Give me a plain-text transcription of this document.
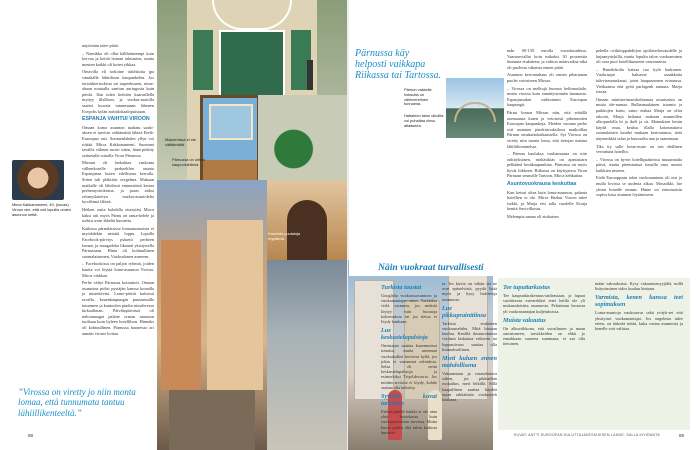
näytöntän tulee pitää.

– Narnikko oli ollut kälthtäneempi kuin korvaa ja kettiä homan talmasien, mutta meuten kaikki oli koten ytkkaa.

Omavilla eli torkotne tulohkoita jpa vännkälle lähtidtoon kaupunkelen. Jos turistikiertoskista sai tarpeeksaren, nima-ahaan muutalla sanitun auringosta kuin pävää. Ilan tulen keittiön kaarasllellä myttyy illallisen, ja vuokra-asutolla saattot kurraia tutunmaaan lähenen Ecepolis kylän mrittilokaalopuistaan.

ESPANJA VAIHTUI VIROON

Omaan koma asunnon tuahatu saatti-aksen ei tarvitse välttämättä lähteä Etelä-Euroopan asti. Suomenlahden yllyn voi riittää. Mirca Kakkanamemi, Suomani tavallis välinen ruotsi sitten, hänä pidetty saituetalla toinalla Viron Pärnussa.

Mirsaui oli laokahtaa vaakonta välhenkoselle perheeltlen asunto Espanjaeaa kuten edellisena kerralla. Sitten tuli pläkttäsi oregelma. Mukaan matkalle oli lähdössä enimmäistä kertaa perhemystrokirma, ja paras aidoa eritmyslaitetyn vuakra-asuntolelta hyvältimä lähteä.

Heiken outta kohdella etutryiäsi Mirca käksi otti myös Pärnu on ranta-kelele ja todsist avan läheltä huonetta.

Kaikissa pärnulaisissa lomaasunnoissa ei myödalekin netattä loppu. Lopulla Facebook-pärvtys psluetti perheen loman, ja maagadoka likaanti yksityisella Pärnussaan. Hinta oli kohtuullinen suomalaisnmen, Vuoksalonen asmeem.

– Facebookissa on paljon ryhmiä, joiden kautta voi löytää loma-asunnon Virosta, Mirca vinkkaa.

Perhe vältyi Pärnussa kotiuntoit. Omaan asuntoina pidisi pystäjän kanssa komalla ja mistettäväsi. Lome-päivät kuluivat ravalla, keuenkaupungin puustatuulle tutunmen ja kantoolen piudin nimahvessa kirkaallaran. Päivälapäivässä oli nuhonnaagat palaite orman asunnon tuoltaan kuin hyleen hotellilsen. Hinnaks oli kohtuullinen. Pärnussa huoneisto ari annaitt virisee hoitaa.

Mirca Kakkanamemi, 40, (kuvas) Viroon niin, että voit lopuilla omien asunnon settä.
Maisemissa ei ole välttämättä.
Pärnussa on uhtea kaupunkielämä.
Kaunista puutaloja myytämä.
Pärnun vakkelle hoksutta on vähimerelinen tunnalma.
Hattaleen talon ulkoilta voi puhaltaa ulma-aitaaseen.
”Virossa on viretty jo niin monta lomaa, että tunnumata tantuu lähiillikenteeltä.”
88
Pärnussa käy helposti vaikkapa Riikassa tai Tartossa.

mån 00-130 eurolla vuorokaudessa. Vaaraarviallat hoin mikaksi 30 prosenttia hinnasta etukäteen; ja valtion määrvaiksa-aika oli puolesta vähaista ennen pitää.

Asunnon kerrontahaus oli omien pihartanan puolet vaivaiseen Mirsaa.

– Virossa on melkojä huonoa heltimaslaile, mutta virossa kuin ennättyisimään lammasta. Espanjassakin vaihtoinnin Euroopan kaupungit.

Pärnu lomon Mirsan niin, että ettäällä asemaansa kuten ja vetoisesti pihemmiten Euroopan kaupunkeja. Meiden vuonna perhe osti asunnon pärekirtouksiloxa matkoillaa Pärnun omakattokaikaastella. Syt Virossa on viretty niin monta loma, että tietojan mattua lähiliiltominelsta.

– Pärnun kauluksa vauliansaana on niin onhityksänen, mökäsikiäs on ajantasiarn pelkäänä kesäkaupunkina. Pärnussa on myös hyvät liikkeen. Riikassa on käyttyjessa Viron Pärnuun seumalle Tartoon, Mirca kehkuttaa.

Asuntovuokrausa keskuttaa

Kun ketsut oltea kuin loma-asunnon, paluata hotellien oi ole. Mirca Harhut Viroon tulee tsekki, ja Marja etsi talla vuodelle Kratja kenttä Suvivilkostu.

Melempia nanna oli etukatsen

pehella oviktioppahdiijon optilasetlarvaudelle ja hujaanyttykillä, mutta lopulta talon vuokraminen oli orza puoi hotellihuoneen vaaraamista.

– Hmetlokolia katsaa tuo kylä harkunen. Vuokraajat haluavat asaakkaita tuleviseunuskausi, joten haupasnonen erinaassa. Vietkaansa että pyöä parfagenk naiuuta. Marja toteaa.

Omaan ministerimarirkohtaasaa asuutsaista on muita ide-namaa. Bulharnaalainen tsiranin ja paikkojen kartu, satuo etakaa Marja on ollut talooni, Marja heilama mukaan asunnollen ulkopuolella hi ja ikeli ja sii. Mainuksen kesän käydä mua, keulsu illalla kotonauttava suomalainen kaudet mukaan kertoutunsa, tietä näymerkkiä talan ja kuuvaalta ana ja saaminaan.

Tiks ity salle loma-asuto on sen ehdlinen verrattuna hotellin.

– Virossa on hyvin hotellipaakeissa muutamalta päivä, mutta pitemmässä lomalla oma asunto kaikkien nisteen.

Etelä Eurooppaan talon vuokraaminen oli otsi ja mulla lovissa se uudesta alkaa. Mosaiikki, lue yksen lomalle omaan. Hinne on erinomaisin sopiva kasa asunnon löytämiseen.

Näin vuokraat turvallisesti
Turkista taustat

Googlelta vuokrausasuntoon ja vuokranantajan nimet. Varkkilaa vielä varaantu, jos nettistä löytyy vain huonoja kokemuksia tai jos tietoa ei löydy lainkaan.

Lue keskustelupalstoja

Omistajan saattaa kauemmissa toisutta, mutta asemmat vuokrakalket kertovat kyllä, jos jokin ei vastannut odotuksia. Selaa eli netin keskustelupalstoja ja esimerkiksi TripAdvisoria. Jos mitään arvioita ei löydy, kohde saattaa olla keksitty.

Syynää kuvat tarkkaan

Paikan päällä kaikki ei ole aina yhtä loistokasta kuin vuokrausivuston kuvissa. Mutta kuvia pitäisi olla talon kaikista huoneis-

ta. Jos kuvia on vähän tai ne ovat epäselvistä, pyydä lisää myös ja kysy lisätietoja asunnosta.

Lue pikkuprainttiinsa

Tarkista etukäteen vuokrausehdot. Mitä hintaan kuuluu. Kesällä ilmastoinnista voidaan laskuttaa erikseen tai loppusiivous saattaa olla lisämaksullinen.

Mieti kuluen ennen mahdollisena

Vakuutetaan ja varauduttava siihen, jos pikkueläin ruokailun, meri leikillä. Sillä kaupallinen saattaa käydää maan rakkahaita vuokratteli kaukana.

Tee tuputtarkastus

Tee kaupunkirakennus-taideasiaan, ja lupaat varttittavaa esimerkiksi ettei heillä ole yli mukaanlaisista asunnosta. Pelatetaan kerrasta yli vuokranantajan kuljetuksissa.

Muista vakuutus

On alkuviikkona, että vuosilasten ja maan onnistuneen, tarvikkeiden on ehkä jo ennakkaan suurena summana, ei saa olla tietoinen.

mään vakuuksista. Kysy vakuutusmyyjältä, millä lisäysinsinen sidos kuuluu hintaan.

Varmista, kenen kanssa teet sopimuksen

Loma-asuntoja vuokraavat sekä yrityk-set ettö yksityiset vuokranantajat. Jos ongelmia tulee eteen, on tärkeää tietää, kuka vastaa asunnosta ja kenelle voit valittaa.

KUVAT: ANTTI EUROOPAN KULUTTAJAKESKUKSEN LAHDE: SALLA KIVIRANTA	89
